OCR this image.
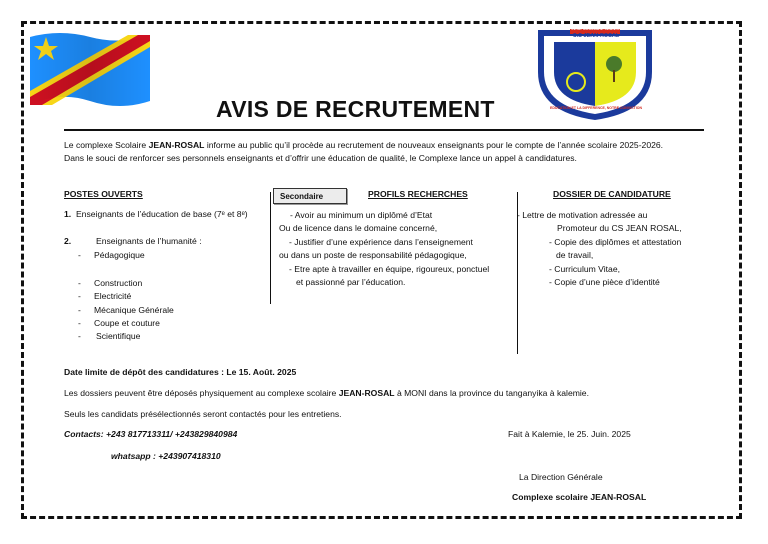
COMPLEXE SCOLAIRE JEAN-ROSAL
C.S JEAN-ROSAL
EDUCATION ET LA DIFFERENCE, NOTRE CONVICTION
AVIS DE RECRUTEMENT
Le complexe Scolaire JEAN-ROSAL informe au public qu’il procède au recrutement de nouveaux enseignants pour le compte de l’année scolaire 2025-2026.
Dans le souci de renforcer ses personnels enseignants et d’offrir une éducation de qualité, le Complexe lance un appel à candidatures.
POSTES OUVERTS	Secondaire	PROFILS RECHERCHES	DOSSIER DE CANDIDATURE
1. Enseignants de l’éducation de base (7ᵉ et 8ᵉ)
2.	Enseignants de l’humanité :
- Pédagogique
- Construction
- Electricité
- Mécanique Générale
- Coupe et couture
- Scientifique
- Avoir au minimum un diplômé d’Etat
Ou de licence dans le domaine concerné,
- Justifier d’une expérience dans l’enseignement
ou dans un poste de responsabilité pédagogique,
- Etre apte à travailler en équipe, rigoureux, ponctuel
et passionné par l’éducation.
- Lettre de motivation adressée au
Promoteur du CS JEAN ROSAL,
- Copie des diplômes et attestation
de travail,
- Curriculum Vitae,
- Copie d’une pièce d’identité
Date limite de dépôt des candidatures : Le 15. Août. 2025
Les dossiers peuvent être déposés physiquement au complexe scolaire JEAN-ROSAL à MONI dans la province du tanganyika à kalemie.
Seuls les candidats présélectionnés seront contactés pour les entretiens.
Contacts: +243 817713311/ +243829840984
whatsapp : +243907418310
Fait à Kalemie, le 25. Juin. 2025
La Direction Générale
Complexe scolaire JEAN-ROSAL
